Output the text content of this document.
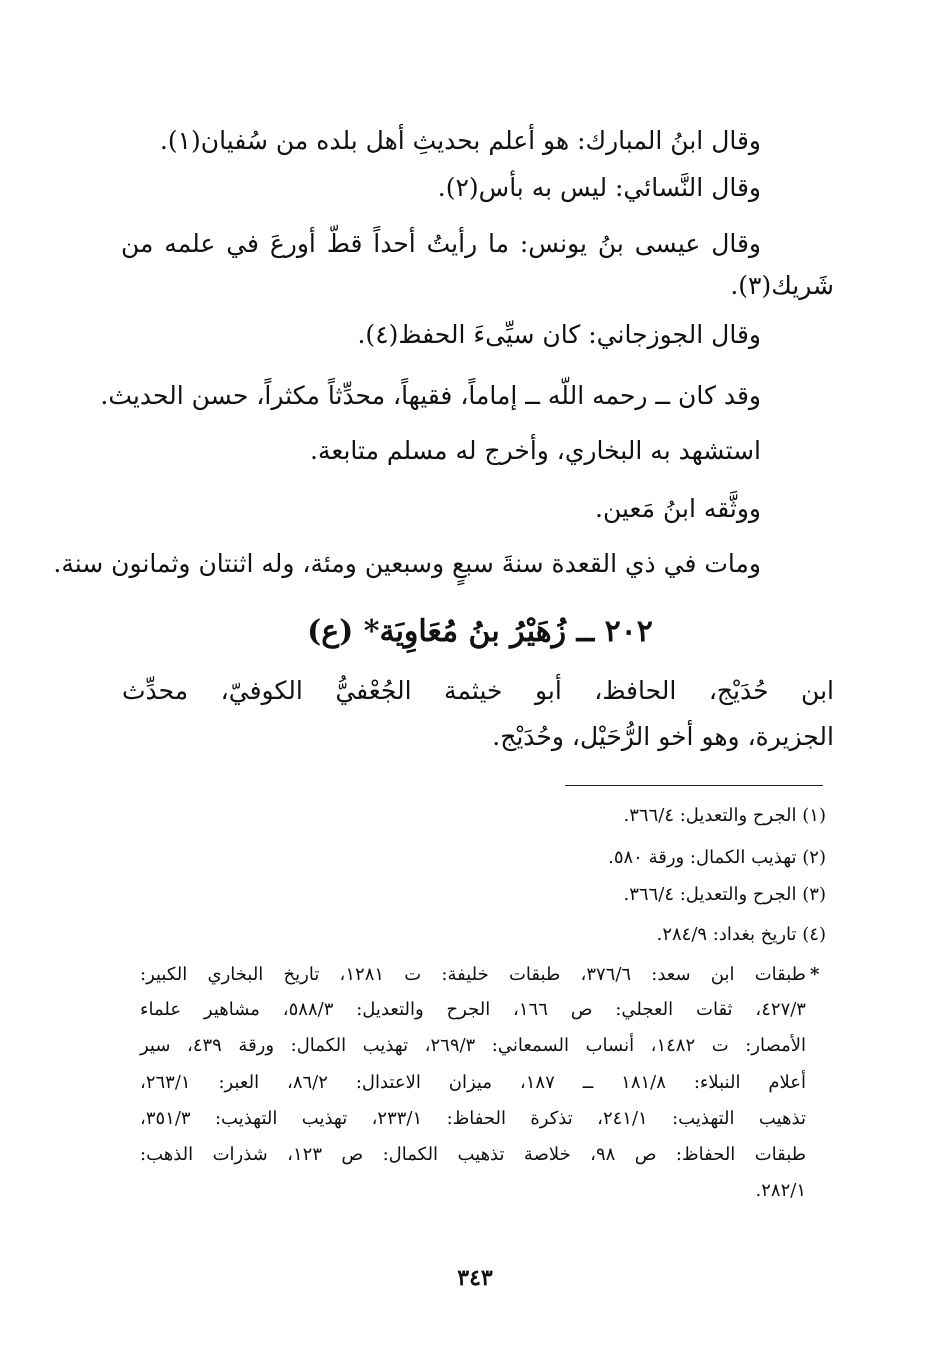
وقال ابنُ المبارك: هو أعلم بحديثِ أهل بلده من سُفيان(١).
وقال النَّسائي: ليس به بأس(٢).
وقال عيسى بنُ يونس: ما رأيتُ أحداً قطّ أورعَ في علمه من
شَريك(٣).
وقال الجوزجاني: كان سيِّىءَ الحفظ(٤).
وقد كان ــ رحمه اللّه ــ إماماً، فقيهاً، محدِّثاً مكثراً، حسن الحديث.
استشهد به البخاري، وأخرج له مسلم متابعة.
ووثَّقه ابنُ مَعين.
ومات في ذي القعدة سنةَ سبعٍ وسبعين ومئة، وله اثنتان وثمانون سنة.
٢٠٢ ــ زُهَيْرُ بنُ مُعَاوِيَة* (ع)
ابن حُدَيْج، الحافظ، أبو خيثمة الجُعْفيُّ الكوفيّ، محدِّث
الجزيرة، وهو أخو الرُّحَيْل، وحُدَيْج.
(١) الجرح والتعديل: ٣٦٦/٤.
(٢) تهذيب الكمال: ورقة ٥٨٠.
(٣) الجرح والتعديل: ٣٦٦/٤.
(٤) تاريخ بغداد: ٢٨٤/٩.
*
طبقات ابن سعد: ٣٧٦/٦، طبقات خليفة: ت ١٢٨١، تاريخ البخاري الكبير:
٤٢٧/٣، ثقات العجلي: ص ١٦٦، الجرح والتعديل: ٥٨٨/٣، مشاهير علماء
الأمصار: ت ١٤٨٢، أنساب السمعاني: ٢٦٩/٣، تهذيب الكمال: ورقة ٤٣٩، سير
أعلام النبلاء: ١٨١/٨ ــ ١٨٧، ميزان الاعتدال: ٨٦/٢، العبر: ٢٦٣/١،
تذهيب التهذيب: ٢٤١/١، تذكرة الحفاظ: ٢٣٣/١، تهذيب التهذيب: ٣٥١/٣،
طبقات الحفاظ: ص ٩٨، خلاصة تذهيب الكمال: ص ١٢٣، شذرات الذهب:
٢٨٢/١.
٣٤٣
